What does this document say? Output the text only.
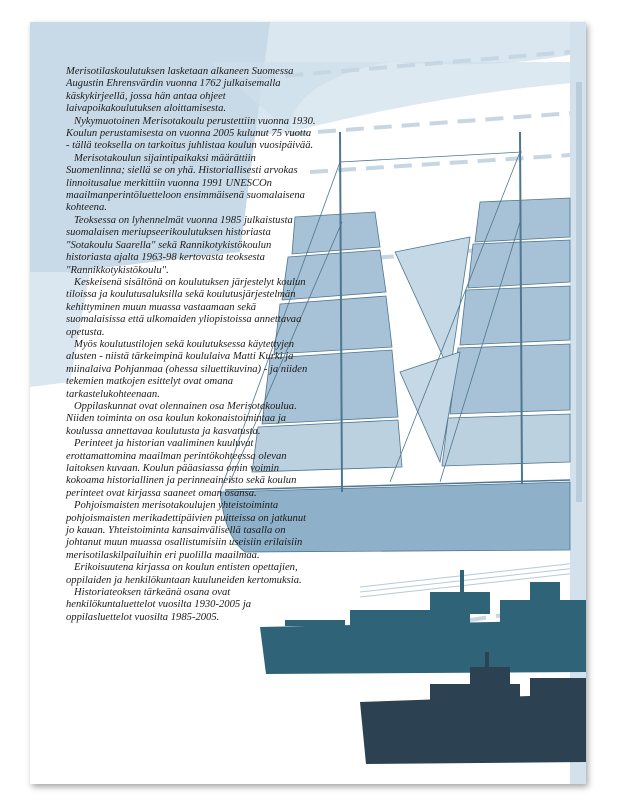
Merisotilaskoulutuksen lasketaan alkaneen Suomessa Augustin Ehrensvärdin vuonna 1762 julkaisemalla käskykirjeellä, jossa hän antaa ohjeet laivapoikakoulutuksen aloittamisesta.

Nykymuotoinen Merisotakoulu perustettiin vuonna 1930. Koulun perustamisesta on vuonna 2005 kulunut 75 vuotta - tällä teoksella on tarkoitus juhlistaa koulun vuosipäivää.

Merisotakoulun sijaintipaikaksi määrättiin Suomenlinna; siellä se on yhä. Historiallisesti arvokas linnoitusalue merkittiin vuonna 1991 UNESCOn maailmanperintöluetteloon ensimmäisenä suomalaisena kohteena.

Teoksessa on lyhennelmät vuonna 1985 julkaistusta suomalaisen meriupseerikoulutuksen historiasta "Sotakoulu Saarella" sekä Rannikotykistökoulun historiasta ajalta 1963-98 kertovasta teoksesta "Rannikkotykistökoulu".

Keskeisenä sisältönä on koulutuksen järjestelyt koulun tiloissa ja koulutusaluksilla sekä koulutusjärjestelmän kehittyminen muun muassa vastaamaan sekä suomalaisissa että ulkomaiden yliopistoissa annettavaa opetusta.

Myös koulutustilojen sekä koulutuksessa käytettyjen alusten - niistä tärkeimpinä koululaiva Matti Kurki ja miinalaiva Pohjanmaa (ohessa siluettikuvina) - ja niiden tekemien matkojen esittelyt ovat omana tarkastelukohteenaan.

Oppilaskunnat ovat olennainen osa Merisotakoulua. Niiden toiminta on osa koulun kokonaistoimintaa ja koulussa annettavaa koulutusta ja kasvatusta.

Perinteet ja historian vaaliminen kuuluvat erottamattomina maailman perintökohteessa olevan laitoksen kuvaan. Koulun pääasiassa omin voimin kokoama historiallinen ja perinneaineisto sekä koulun perinteet ovat kirjassa saaneet oman osansa.

Pohjoismaisten merisotakoulujen yhteistoiminta pohjoismaisten merikadettipäivien puitteissa on jatkunut jo kauan. Yhteistoiminta kansainvälisellä tasalla on johtanut muun muassa osallistumisiin useisiin erilaisiin merisotilaskilpailuihin eri puolilla maailmaa.

Erikoisuutena kirjassa on koulun entisten opettajien, oppilaiden ja henkilökuntaan kuuluneiden kertomuksia.

Historiateoksen tärkeänä osana ovat henkilökuntaluettelot vuosilta 1930-2005 ja oppilasluettelot vuosilta 1985-2005.
